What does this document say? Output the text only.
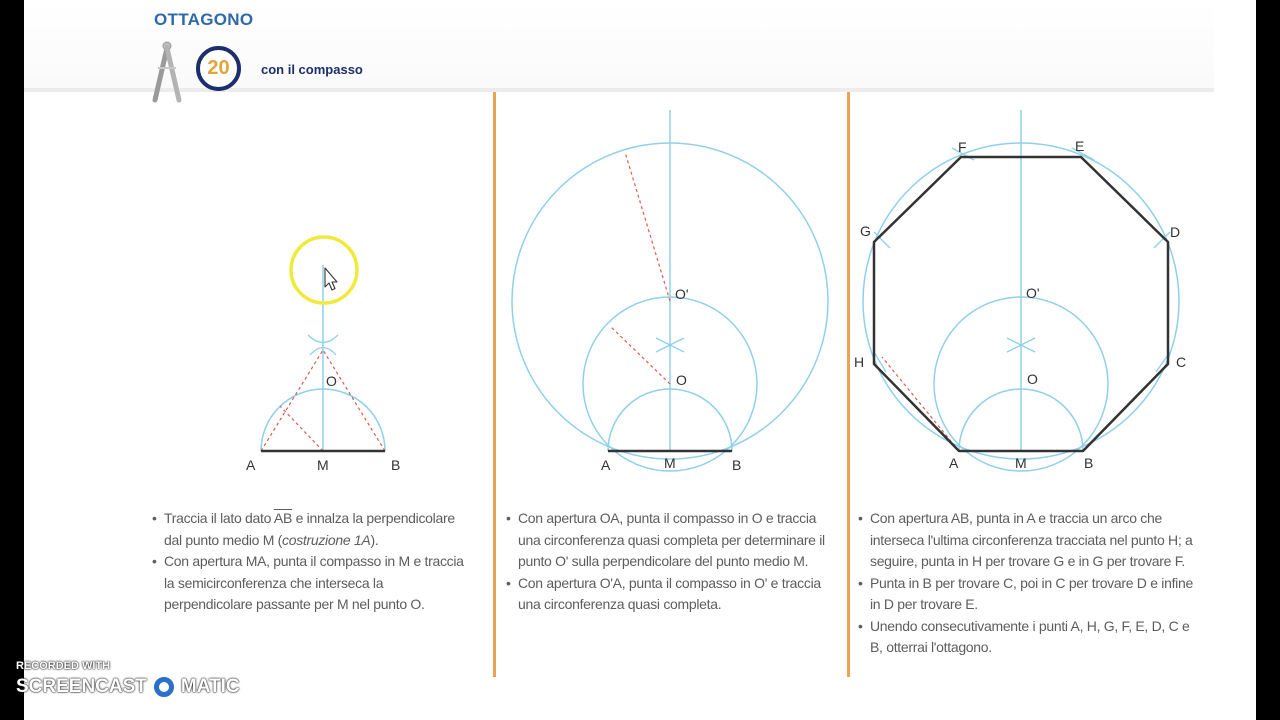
OTTAGONO
20 con il compasso
A	M	B
O
A	M	B
O
O'
A	M	B
C
D
E
F
G
H
O
O'
• Traccia il lato dato $\overline{AB}$ e innalza la perpendicolare dal punto medio M (costruzione 1A).
• Con apertura MA, punta il compasso in M e traccia la semicirconferenza che interseca la perpendicolare passante per M nel punto O.
• Con apertura OA, punta il compasso in O e traccia una circonferenza quasi completa per determinare il punto O' sulla perpendicolare del punto medio M.
• Con apertura O'A, punta il compasso in O' e traccia una circonferenza quasi completa.
• Con apertura AB, punta in A e traccia un arco che interseca l'ultima circonferenza tracciata nel punto H; a seguire, punta in H per trovare G e in G per trovare F.
• Punta in B per trovare C, poi in C per trovare D e infine in D per trovare E.
• Unendo consecutivamente i punti A, H, G, F, E, D, C e B, otterrai l'ottagono.
RECORDED WITH
SCREENCAST MATIC
